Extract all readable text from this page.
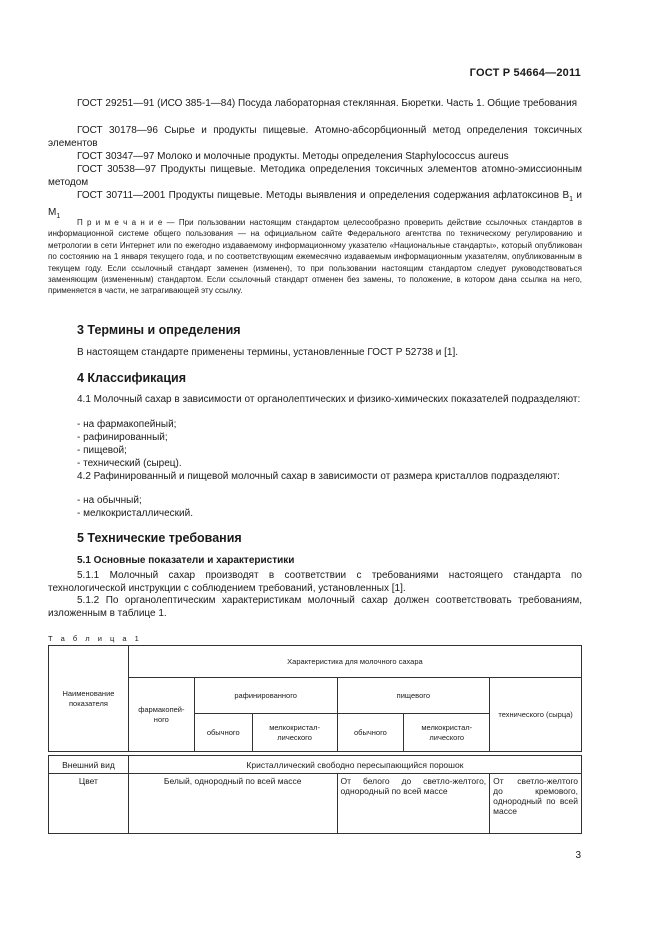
ГОСТ Р 54664—2011
ГОСТ 29251—91 (ИСО 385-1—84) Посуда лабораторная стеклянная. Бюретки. Часть 1. Общие требования
ГОСТ 30178—96 Сырье и продукты пищевые. Атомно-абсорбционный метод определения токсичных элементов
ГОСТ 30347—97 Молоко и молочные продукты. Методы определения Staphylococcus aureus
ГОСТ 30538—97 Продукты пищевые. Методика определения токсичных элементов атомно-эмиссионным методом
ГОСТ 30711—2001 Продукты пищевые. Методы выявления и определения содержания афлатоксинов $В_1$ и $М_1$
П р и м е ч а н и е — При пользовании настоящим стандартом целесообразно проверить действие ссылочных стандартов в информационной системе общего пользования — на официальном сайте Федерального агентства по техническому регулированию и метрологии в сети Интернет или по ежегодно издаваемому информационному указателю «Национальные стандарты», который опубликован по состоянию на 1 января текущего года, и по соответствующим ежемесячно издаваемым информационным указателям, опубликованным в текущем году. Если ссылочный стандарт заменен (изменен), то при пользовании настоящим стандартом следует руководствоваться заменяющим (измененным) стандартом. Если ссылочный стандарт отменен без замены, то положение, в котором дана ссылка на него, применяется в части, не затрагивающей эту ссылку.
3 Термины и определения
В настоящем стандарте применены термины, установленные ГОСТ Р 52738 и [1].
4 Классификация
4.1 Молочный сахар в зависимости от органолептических и физико-химических показателей подразделяют:
- на фармакопейный;
- рафинированный;
- пищевой;
- технический (сырец).
4.2 Рафинированный и пищевой молочный сахар в зависимости от размера кристаллов подразделяют:
- на обычный;
- мелкокристаллический.
5 Технические требования
5.1 Основные показатели и характеристики
5.1.1 Молочный сахар производят в соответствии с требованиями настоящего стандарта по технологической инструкции с соблюдением требований, установленных [1].
5.1.2 По органолептическим характеристикам молочный сахар должен соответствовать требованиям, изложенным в таблице 1.
Т а б л и ц а 1
Наименование показателя	Характеристика для молочного сахара					
	фармакопей-ного	рафинированного		пищевого		технического (сырца)
		обычного	мелкокристал-лического	обычного	мелкокристал-лического	

Внешний вид	Кристаллический свободно пересыпающийся порошок					
Цвет	Белый, однородный по всей массе			От белого до светло-желтого, однородный по всей массе		От светло-желтого до кремового, однородный по всей массе
3
